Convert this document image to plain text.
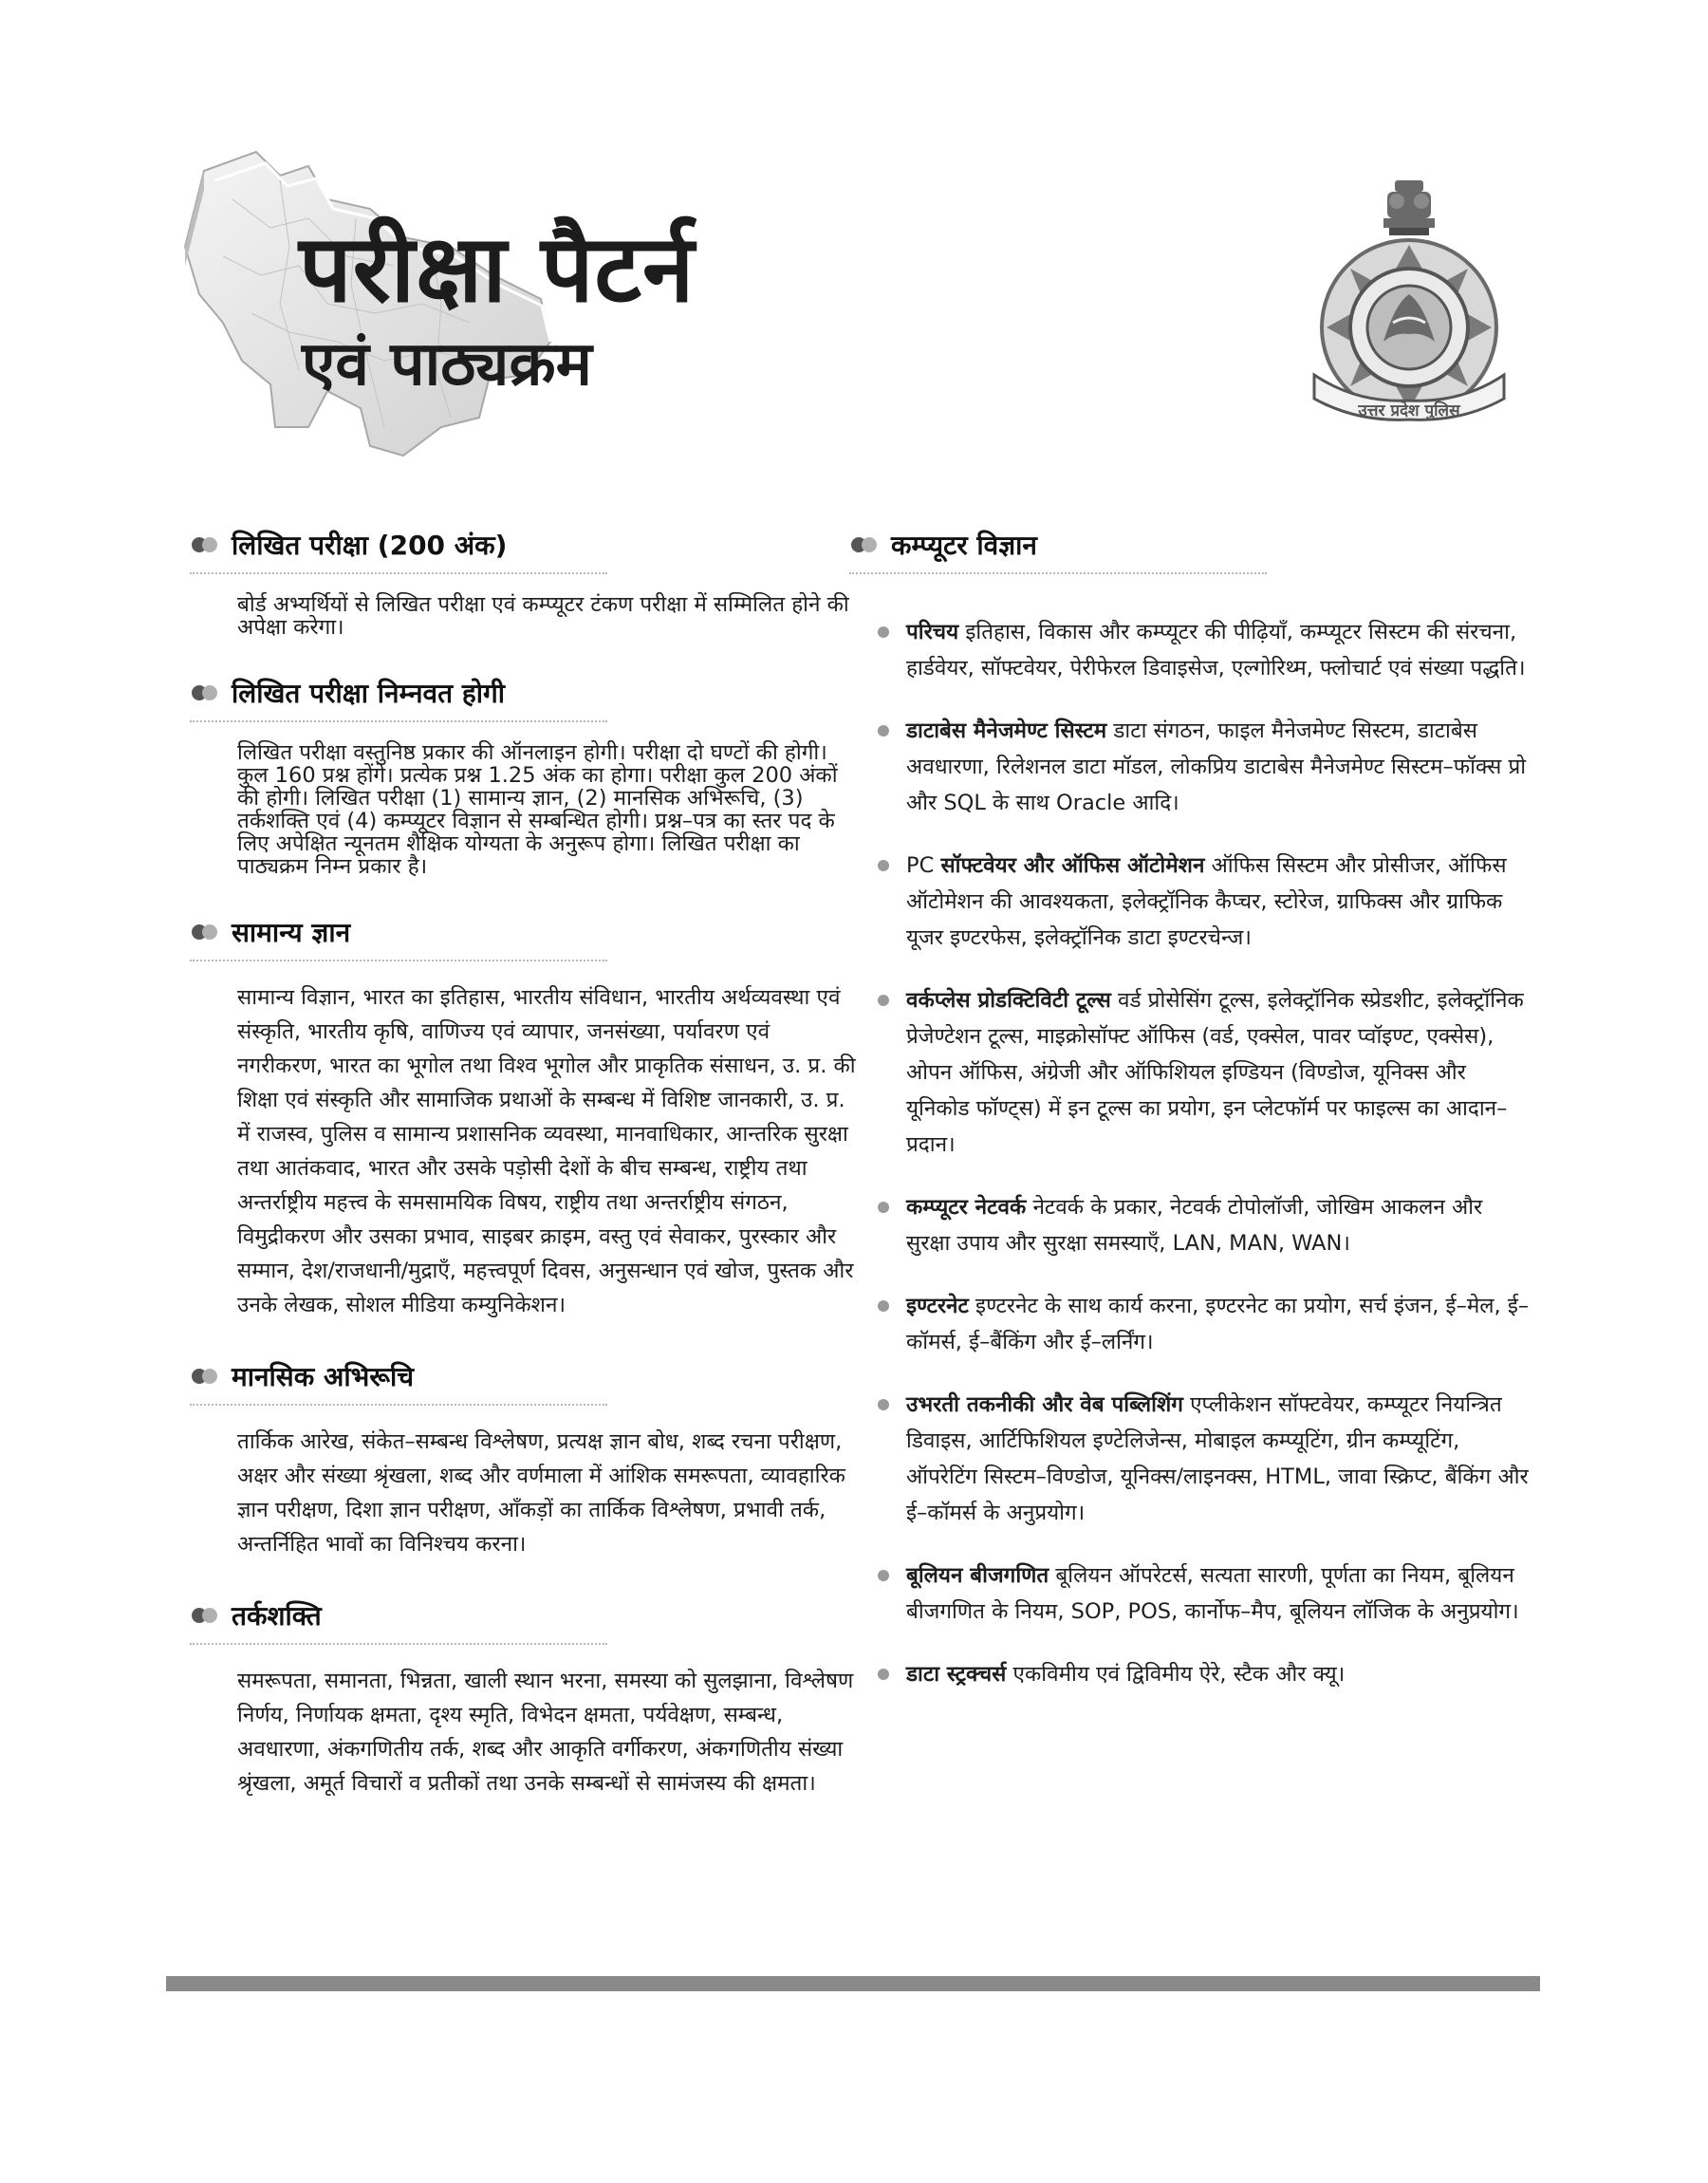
परीक्षा पैटर्न
एवं पाठ्यक्रम
उत्तर प्रदेश पुलिस
लिखित परीक्षा (200 अंक)

बोर्ड अभ्यर्थियों से लिखित परीक्षा एवं कम्प्यूटर टंकण परीक्षा में सम्मिलित होने की अपेक्षा करेगा।

लिखित परीक्षा निम्नवत होगी

लिखित परीक्षा वस्तुनिष्ठ प्रकार की ऑनलाइन होगी। परीक्षा दो घण्टों की होगी। कुल 160 प्रश्न होंगे। प्रत्येक प्रश्न 1.25 अंक का होगा। परीक्षा कुल 200 अंकों की होगी। लिखित परीक्षा (1) सामान्य ज्ञान, (2) मानसिक अभिरूचि, (3) तर्कशक्ति एवं (4) कम्प्यूटर विज्ञान से सम्बन्धित होगी। प्रश्न–पत्र का स्तर पद के लिए अपेक्षित न्यूनतम शैक्षिक योग्यता के अनुरूप होगा। लिखित परीक्षा का पाठ्यक्रम निम्न प्रकार है।

सामान्य ज्ञान

सामान्य विज्ञान, भारत का इतिहास, भारतीय संविधान, भारतीय अर्थव्यवस्था एवं संस्कृति, भारतीय कृषि, वाणिज्य एवं व्यापार, जनसंख्या, पर्यावरण एवं नगरीकरण, भारत का भूगोल तथा विश्व भूगोल और प्राकृतिक संसाधन, उ. प्र. की शिक्षा एवं संस्कृति और सामाजिक प्रथाओं के सम्बन्ध में विशिष्ट जानकारी, उ. प्र. में राजस्व, पुलिस व सामान्य प्रशासनिक व्यवस्था, मानवाधिकार, आन्तरिक सुरक्षा तथा आतंकवाद, भारत और उसके पड़ोसी देशों के बीच सम्बन्ध, राष्ट्रीय तथा अन्तर्राष्ट्रीय महत्त्व के समसामयिक विषय, राष्ट्रीय तथा अन्तर्राष्ट्रीय संगठन, विमुद्रीकरण और उसका प्रभाव, साइबर क्राइम, वस्तु एवं सेवाकर, पुरस्कार और सम्मान, देश/राजधानी/मुद्राएँ, महत्त्वपूर्ण दिवस, अनुसन्धान एवं खोज, पुस्तक और उनके लेखक, सोशल मीडिया कम्युनिकेशन।

मानसिक अभिरूचि

तार्किक आरेख, संकेत–सम्बन्ध विश्लेषण, प्रत्यक्ष ज्ञान बोध, शब्द रचना परीक्षण, अक्षर और संख्या श्रृंखला, शब्द और वर्णमाला में आंशिक समरूपता, व्यावहारिक ज्ञान परीक्षण, दिशा ज्ञान परीक्षण, आँकड़ों का तार्किक विश्लेषण, प्रभावी तर्क, अन्तर्निहित भावों का विनिश्चय करना।

तर्कशक्ति

समरूपता, समानता, भिन्नता, खाली स्थान भरना, समस्या को सुलझाना, विश्लेषण निर्णय, निर्णायक क्षमता, दृश्य स्मृति, विभेदन क्षमता, पर्यवेक्षण, सम्बन्ध, अवधारणा, अंकगणितीय तर्क, शब्द और आकृति वर्गीकरण, अंकगणितीय संख्या श्रृंखला, अमूर्त विचारों व प्रतीकों तथा उनके सम्बन्धों से सामंजस्य की क्षमता।

कम्प्यूटर विज्ञान
परिचय इतिहास, विकास और कम्प्यूटर की पीढ़ियाँ, कम्प्यूटर सिस्टम की संरचना, हार्डवेयर, सॉफ्टवेयर, पेरीफेरल डिवाइसेज, एल्गोरिथ्म, फ्लोचार्ट एवं संख्या पद्धति।
डाटाबेस मैनेजमेण्ट सिस्टम डाटा संगठन, फाइल मैनेजमेण्ट सिस्टम, डाटाबेस अवधारणा, रिलेशनल डाटा मॉडल, लोकप्रिय डाटाबेस मैनेजमेण्ट सिस्टम–फॉक्स प्रो और SQL के साथ Oracle आदि।
PC सॉफ्टवेयर और ऑफिस ऑटोमेशन ऑफिस सिस्टम और प्रोसीजर, ऑफिस ऑटोमेशन की आवश्यकता, इलेक्ट्रॉनिक कैप्चर, स्टोरेज, ग्राफिक्स और ग्राफिक यूजर इण्टरफेस, इलेक्ट्रॉनिक डाटा इण्टरचेन्ज।
वर्कप्लेस प्रोडक्टिविटी टूल्स वर्ड प्रोसेसिंग टूल्स, इलेक्ट्रॉनिक स्प्रेडशीट, इलेक्ट्रॉनिक प्रेजेण्टेशन टूल्स, माइक्रोसॉफ्ट ऑफिस (वर्ड, एक्सेल, पावर प्वॉइण्ट, एक्सेस), ओपन ऑफिस, अंग्रेजी और ऑफिशियल इण्डियन (विण्डोज, यूनिक्स और यूनिकोड फॉण्ट्स) में इन टूल्स का प्रयोग, इन प्लेटफॉर्म पर फाइल्स का आदान–प्रदान।
कम्प्यूटर नेटवर्क नेटवर्क के प्रकार, नेटवर्क टोपोलॉजी, जोखिम आकलन और सुरक्षा उपाय और सुरक्षा समस्याएँ, LAN, MAN, WAN।
इण्टरनेट इण्टरनेट के साथ कार्य करना, इण्टरनेट का प्रयोग, सर्च इंजन, ई–मेल, ई–कॉमर्स, ई–बैंकिंग और ई–लर्निंग।
उभरती तकनीकी और वेब पब्लिशिंग एप्लीकेशन सॉफ्टवेयर, कम्प्यूटर नियन्त्रित डिवाइस, आर्टिफिशियल इण्टेलिजेन्स, मोबाइल कम्प्यूटिंग, ग्रीन कम्प्यूटिंग, ऑपरेटिंग सिस्टम–विण्डोज, यूनिक्स/लाइनक्स, HTML, जावा स्क्रिप्ट, बैंकिंग और ई–कॉमर्स के अनुप्रयोग।
बूलियन बीजगणित बूलियन ऑपरेटर्स, सत्यता सारणी, पूर्णता का नियम, बूलियन बीजगणित के नियम, SOP, POS, कार्नोफ–मैप, बूलियन लॉजिक के अनुप्रयोग।
डाटा स्ट्रक्चर्स एकविमीय एवं द्विविमीय ऐरे, स्टैक और क्यू।
